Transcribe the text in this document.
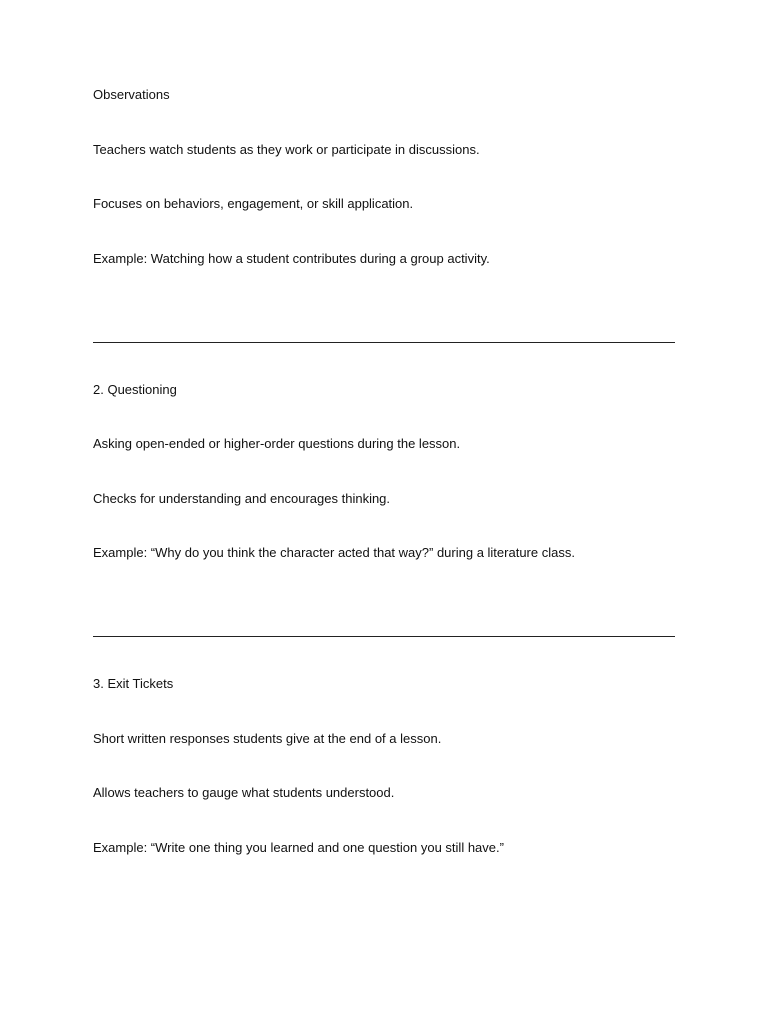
Observations

Teachers watch students as they work or participate in discussions.

Focuses on behaviors, engagement, or skill application.

Example: Watching how a student contributes during a group activity.

2. Questioning

Asking open-ended or higher-order questions during the lesson.

Checks for understanding and encourages thinking.

Example: “Why do you think the character acted that way?” during a literature class.

3. Exit Tickets

Short written responses students give at the end of a lesson.

Allows teachers to gauge what students understood.

Example: “Write one thing you learned and one question you still have.”
